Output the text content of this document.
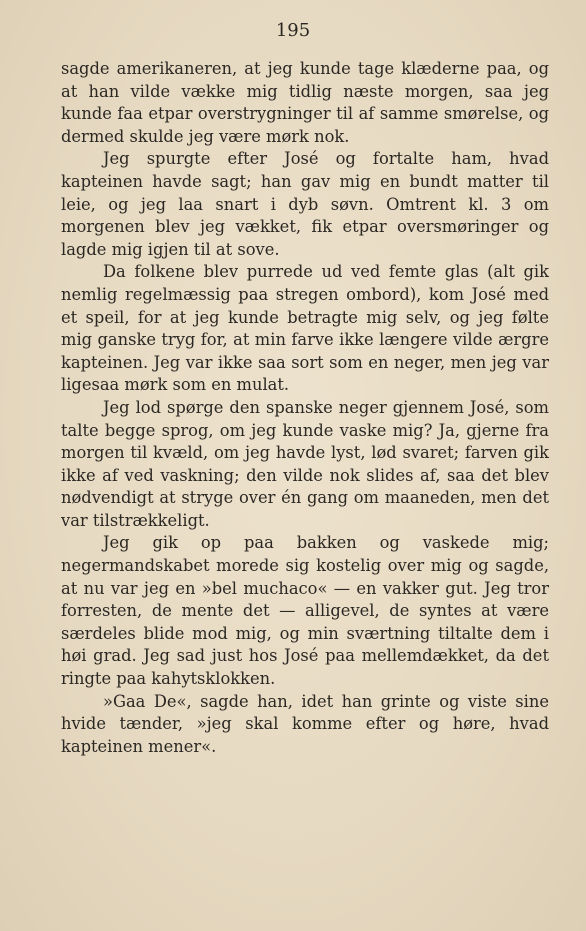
195

sagde amerikaneren, at jeg kunde tage klæderne paa, og at han vilde vække mig tidlig næste morgen, saa jeg kunde faa etpar overstrygninger til af samme smørelse, og dermed skulde jeg være mørk nok.

Jeg spurgte efter José og fortalte ham, hvad kapteinen havde sagt; han gav mig en bundt matter til leie, og jeg laa snart i dyb søvn. Omtrent kl. 3 om morgenen blev jeg vækket, fik etpar oversmøringer og lagde mig igjen til at sove.

Da folkene blev purrede ud ved femte glas (alt gik nemlig regelmæssig paa stregen ombord), kom José med et speil, for at jeg kunde betragte mig selv, og jeg følte mig ganske tryg for, at min farve ikke længere vilde ærgre kapteinen. Jeg var ikke saa sort som en neger, men jeg var ligesaa mørk som en mulat.

Jeg lod spørge den spanske neger gjennem José, som talte begge sprog, om jeg kunde vaske mig? Ja, gjerne fra morgen til kvæld, om jeg havde lyst, lød svaret; farven gik ikke af ved vaskning; den vilde nok slides af, saa det blev nødvendigt at stryge over én gang om maaneden, men det var tilstrækkeligt.

Jeg gik op paa bakken og vaskede mig; negermandskabet morede sig kostelig over mig og sagde, at nu var jeg en »bel muchaco« — en vakker gut. Jeg tror forresten, de mente det — alligevel, de syntes at være særdeles blide mod mig, og min sværtning tiltalte dem i høi grad. Jeg sad just hos José paa mellemdækket, da det ringte paa kahytsklokken.

»Gaa De«, sagde han, idet han grinte og viste sine hvide tænder, »jeg skal komme efter og høre, hvad kapteinen mener«.
